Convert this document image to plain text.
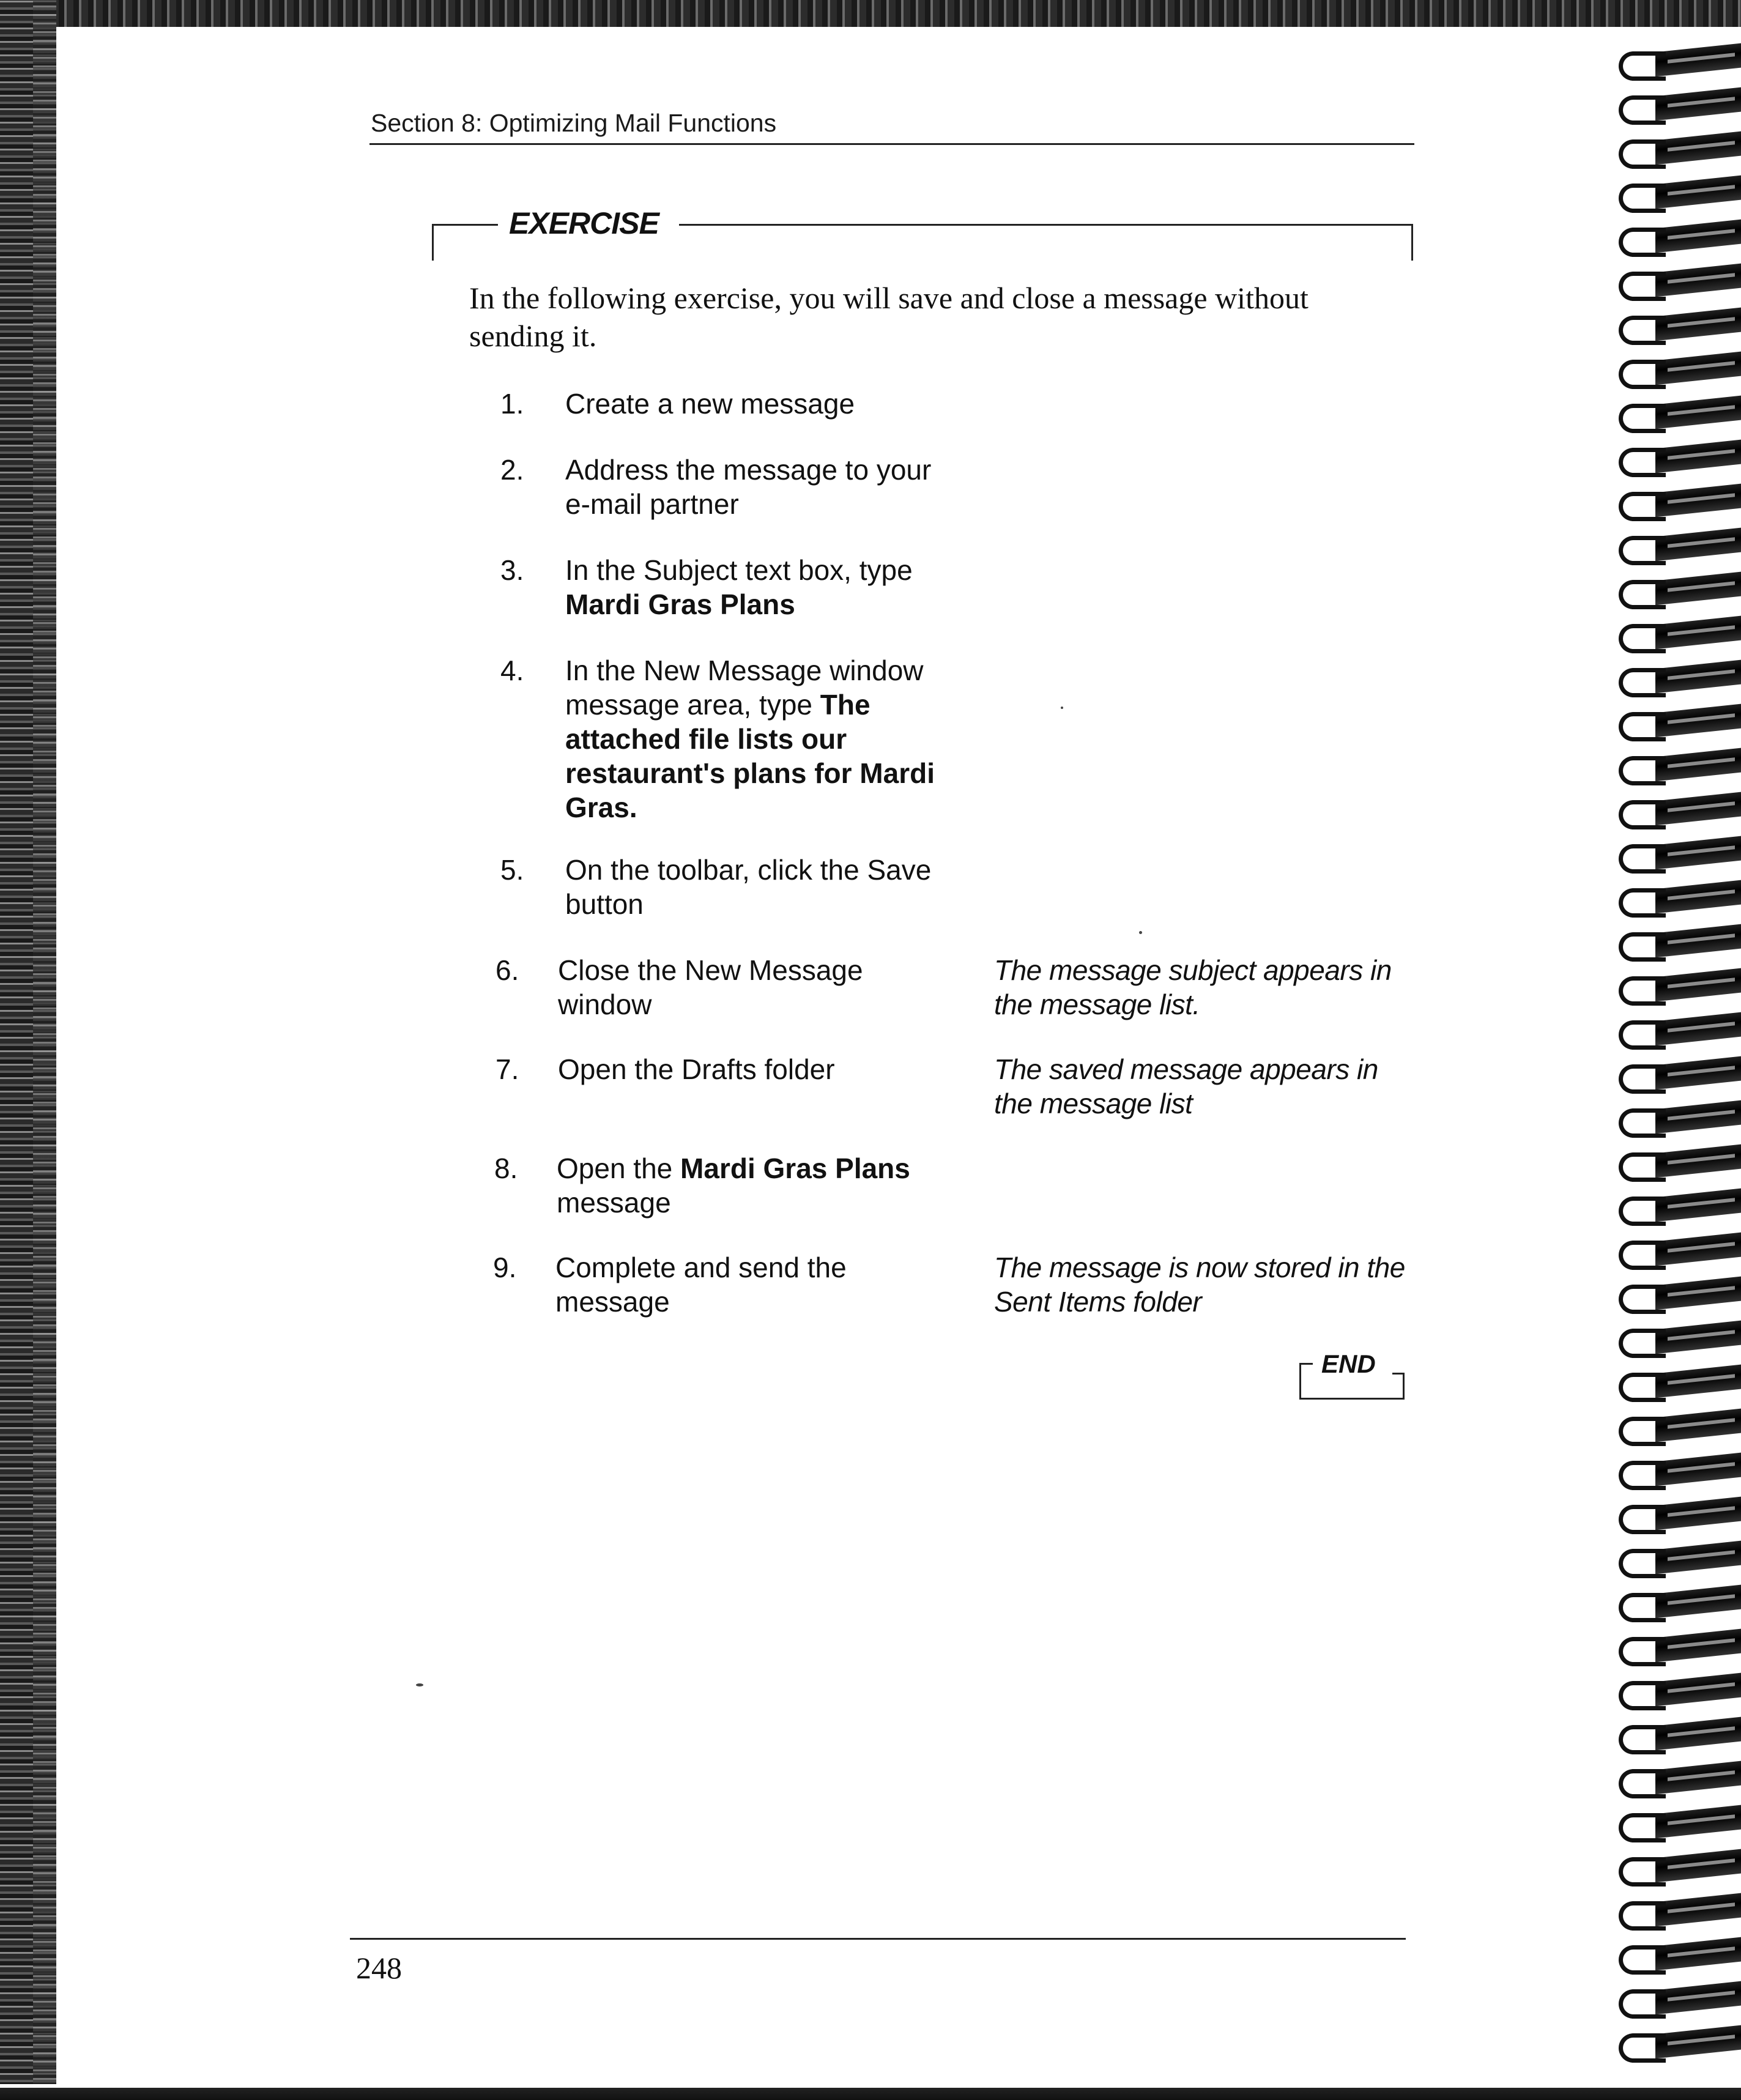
Section 8: Optimizing Mail Functions
EXERCISE
In the following exercise, you will save and close a message without sending it.
1. Create a new message
2. Address the message to your e-mail partner
3. In the Subject text box, type Mardi Gras Plans
4. In the New Message window message area, type The attached file lists our restaurant's plans for Mardi Gras.
5. On the toolbar, click the Save button
6. Close the New Message window
The message subject appears in the message list.
7. Open the Drafts folder	The saved message appears in the message list
8. Open the Mardi Gras Plans message
9. Complete and send the message
The message is now stored in the Sent Items folder
END
248
